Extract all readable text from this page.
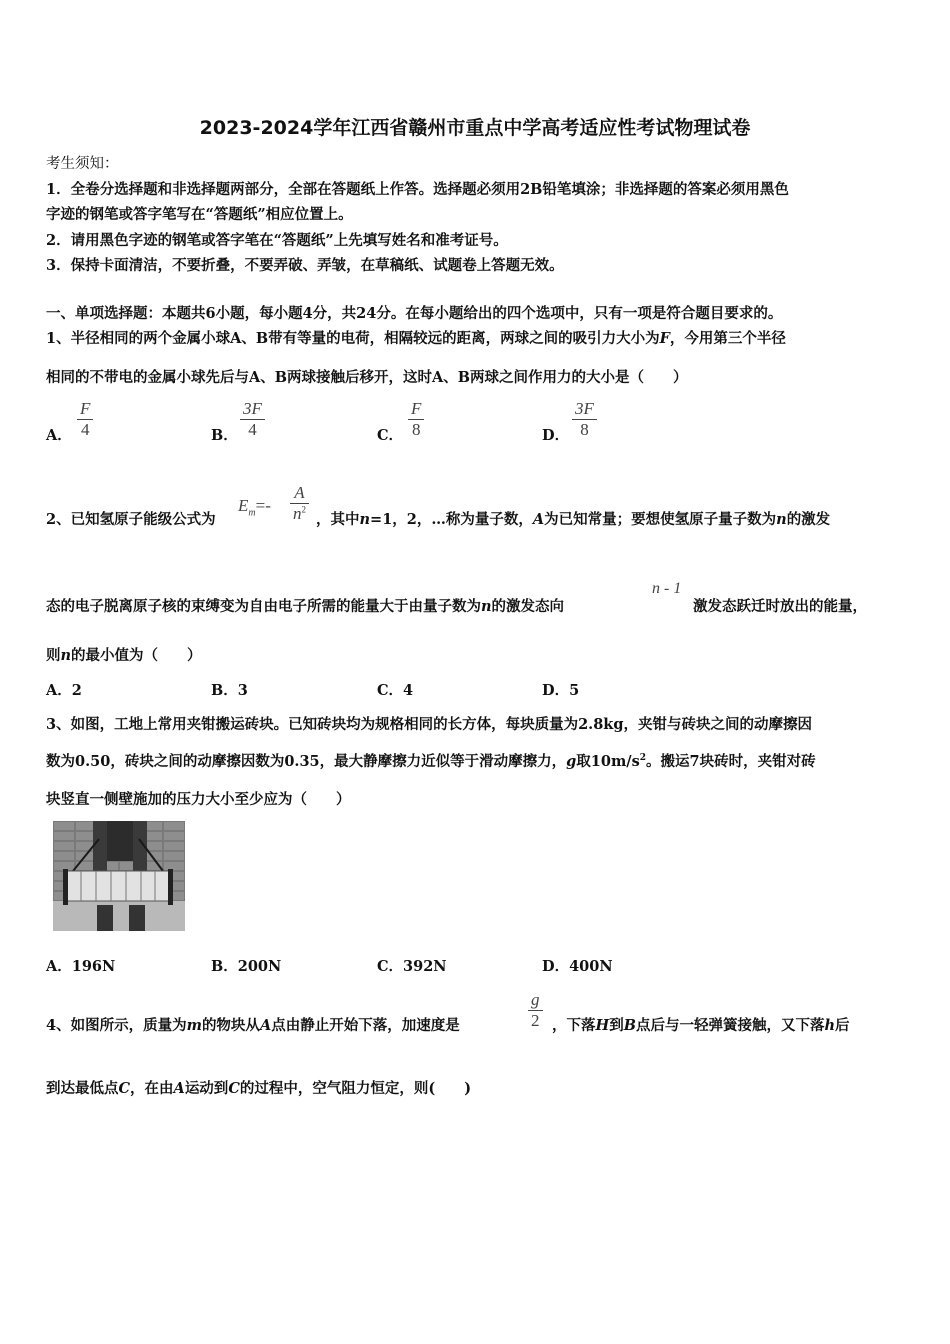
2023-2024学年江西省赣州市重点中学高考适应性考试物理试卷
考生须知：
1．全卷分选择题和非选择题两部分，全部在答题纸上作答。选择题必须用2B铅笔填涂；非选择题的答案必须用黑色
字迹的钢笔或答字笔写在“答题纸”相应位置上。
2．请用黑色字迹的钢笔或答字笔在“答题纸”上先填写姓名和准考证号。
3．保持卡面清洁，不要折叠，不要弄破、弄皱，在草稿纸、试题卷上答题无效。
一、单项选择题：本题共6小题，每小题4分，共24分。在每小题给出的四个选项中，只有一项是符合题目要求的。
1、半径相同的两个金属小球A、B带有等量的电荷，相隔较远的距离，两球之间的吸引力大小为F，今用第三个半径
相同的不带电的金属小球先后与A、B两球接触后移开，这时A、B两球之间作用力的大小是（　　）
A．
F
4	B．
3F
4	C．
F
8	D．
3F
8
2、已知氢原子能级公式为
$E_m=-$
A
$n^2$
，其中n=1，2，…称为量子数，A为已知常量；要想使氢原子量子数为n的激发
态的电子脱离原子核的束缚变为自由电子所需的能量大于由量子数为n的激发态向
n - 1
激发态跃迁时放出的能量，
则n的最小值为（　　）
A．2	B．3	C．4	D．5
3、如图，工地上常用夹钳搬运砖块。已知砖块均为规格相同的长方体，每块质量为2.8kg，夹钳与砖块之间的动摩擦因
数为0.50，砖块之间的动摩擦因数为0.35，最大静摩擦力近似等于滑动摩擦力，g取$10m/s^2$。搬运7块砖时，夹钳对砖
块竖直一侧壁施加的压力大小至少应为（　　）
A．196N	B．200N	C．392N	D．400N
4、如图所示，质量为m的物块从A点由静止开始下落，加速度是
g
2 ，下落H到B点后与一轻弹簧接触，又下落h后
到达最低点C，在由A运动到C的过程中，空气阻力恒定，则(　　)
